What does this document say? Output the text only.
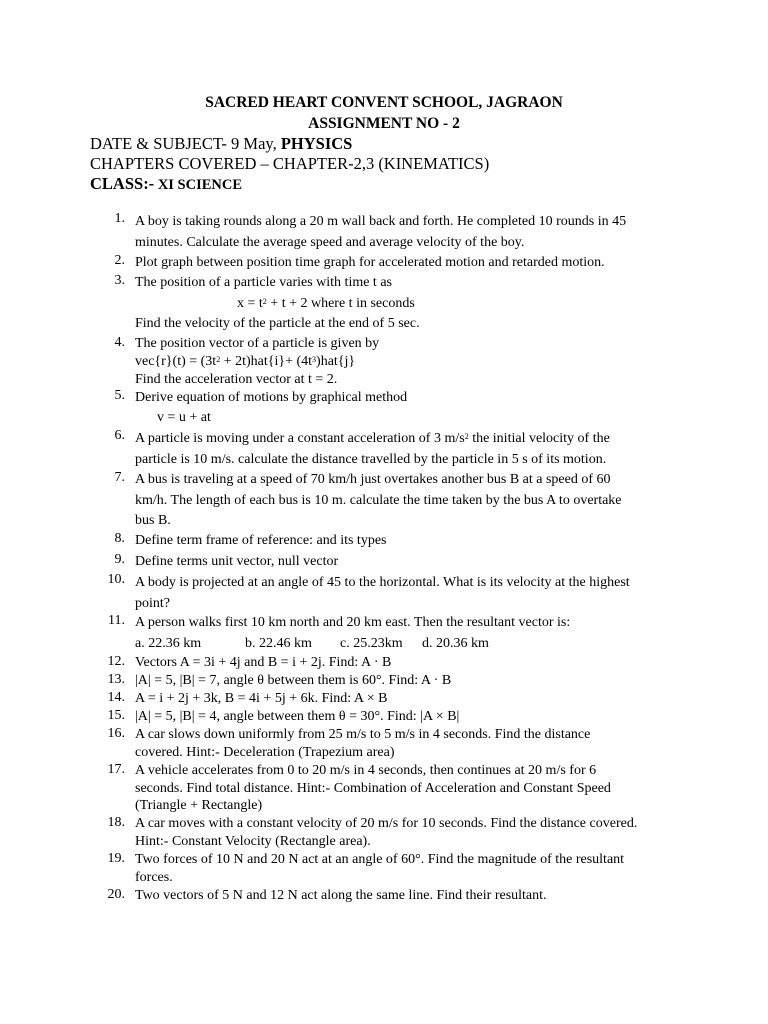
SACRED HEART CONVENT SCHOOL, JAGRAON
ASSIGNMENT NO - 2
DATE & SUBJECT- 9 May, PHYSICS
CHAPTERS COVERED – CHAPTER-2,3 (KINEMATICS)
CLASS:- XI SCIENCE
1. A boy is taking rounds along a 20 m wall back and forth. He completed 10 rounds in 45
minutes. Calculate the average speed and average velocity of the boy.
2. Plot graph between position time graph for accelerated motion and retarded motion.
3. The position of a particle varies with time t as
$x = t^2 + t + 2$ where t in seconds
Find the velocity of the particle at the end of 5 sec.
4. The position vector of a particle is given by
$vec\{r\}(t) = (3t^2 + 2t)hat\{i\}+ (4t^3)hat\{j\}$
Find the acceleration vector at t = 2.
5. Derive equation of motions by graphical method
v = u + at
6. A particle is moving under a constant acceleration of 3 $m/s^2$ the initial velocity of the
particle is 10 m/s. calculate the distance travelled by the particle in 5 s of its motion.
7. A bus is traveling at a speed of 70 km/h just overtakes another bus B at a speed of 60
km/h. The length of each bus is 10 m. calculate the time taken by the bus A to overtake
bus B.
8. Define term frame of reference: and its types
9. Define terms unit vector, null vector
10. A body is projected at an angle of 45 to the horizontal. What is its velocity at the highest
point?
11. A person walks first 10 km north and 20 km east. Then the resultant vector is:
a. 22.36 km	b. 22.46 km c. 25.23km d. 20.36 km
12. Vectors A = 3i + 4j and B = i + 2j. Find: A · B
13. |A| = 5, |B| = 7, angle θ between them is 60°. Find: A · B
14. A = i + 2j + 3k, B = 4i + 5j + 6k. Find: A × B
15. |A| = 5, |B| = 4, angle between them θ = 30°. Find: |A × B|
16. A car slows down uniformly from 25 m/s to 5 m/s in 4 seconds. Find the distance
covered. Hint:- Deceleration (Trapezium area)
17. A vehicle accelerates from 0 to 20 m/s in 4 seconds, then continues at 20 m/s for 6
seconds. Find total distance. Hint:- Combination of Acceleration and Constant Speed
(Triangle + Rectangle)
18. A car moves with a constant velocity of 20 m/s for 10 seconds. Find the distance covered.
Hint:- Constant Velocity (Rectangle area).
19. Two forces of 10 N and 20 N act at an angle of 60°. Find the magnitude of the resultant
forces.
20. Two vectors of 5 N and 12 N act along the same line. Find their resultant.
